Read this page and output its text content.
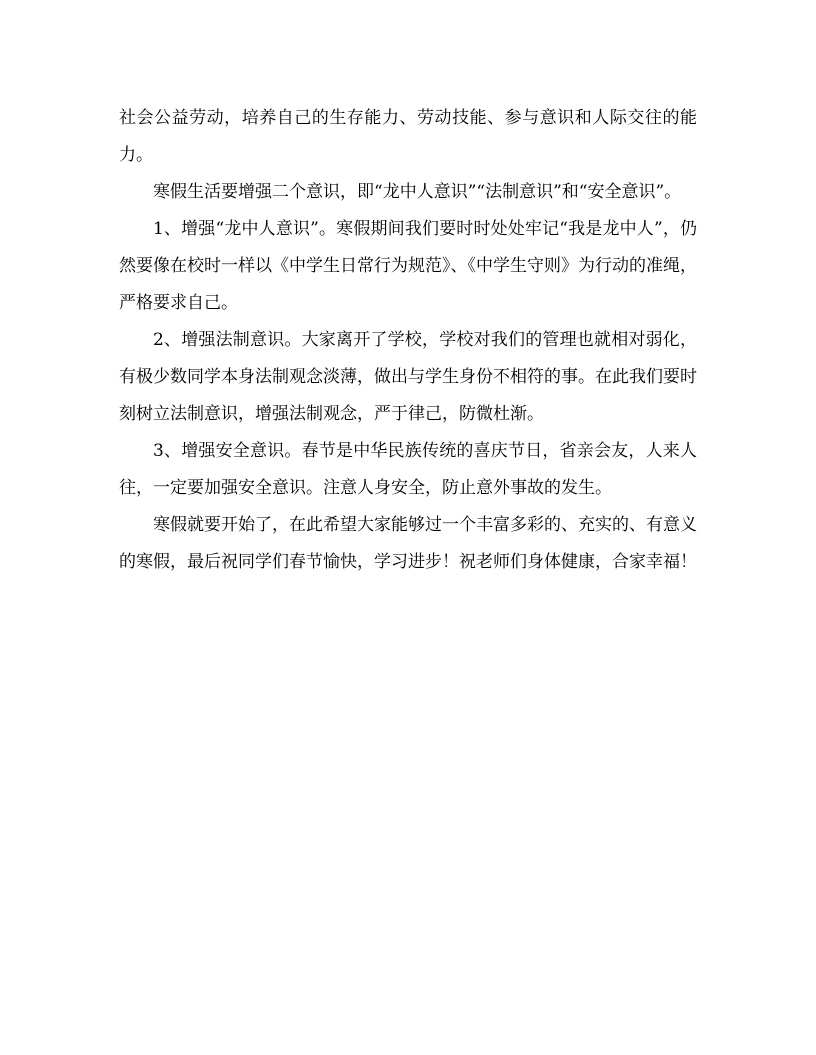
社会公益劳动，培养自己的生存能力、劳动技能、参与意识和人际交往的能力。

寒假生活要增强二个意识，即“龙中人意识”“法制意识”和“安全意识”。

1、增强“龙中人意识”。寒假期间我们要时时处处牢记“我是龙中人”，仍然要像在校时一样以《中学生日常行为规范》、《中学生守则》为行动的准绳，严格要求自己。

2、增强法制意识。大家离开了学校，学校对我们的管理也就相对弱化，有极少数同学本身法制观念淡薄，做出与学生身份不相符的事。在此我们要时刻树立法制意识，增强法制观念，严于律己，防微杜渐。

3、增强安全意识。春节是中华民族传统的喜庆节日，省亲会友，人来人往，一定要加强安全意识。注意人身安全，防止意外事故的发生。

寒假就要开始了，在此希望大家能够过一个丰富多彩的、充实的、有意义的寒假，最后祝同学们春节愉快，学习进步！祝老师们身体健康，合家幸福！
